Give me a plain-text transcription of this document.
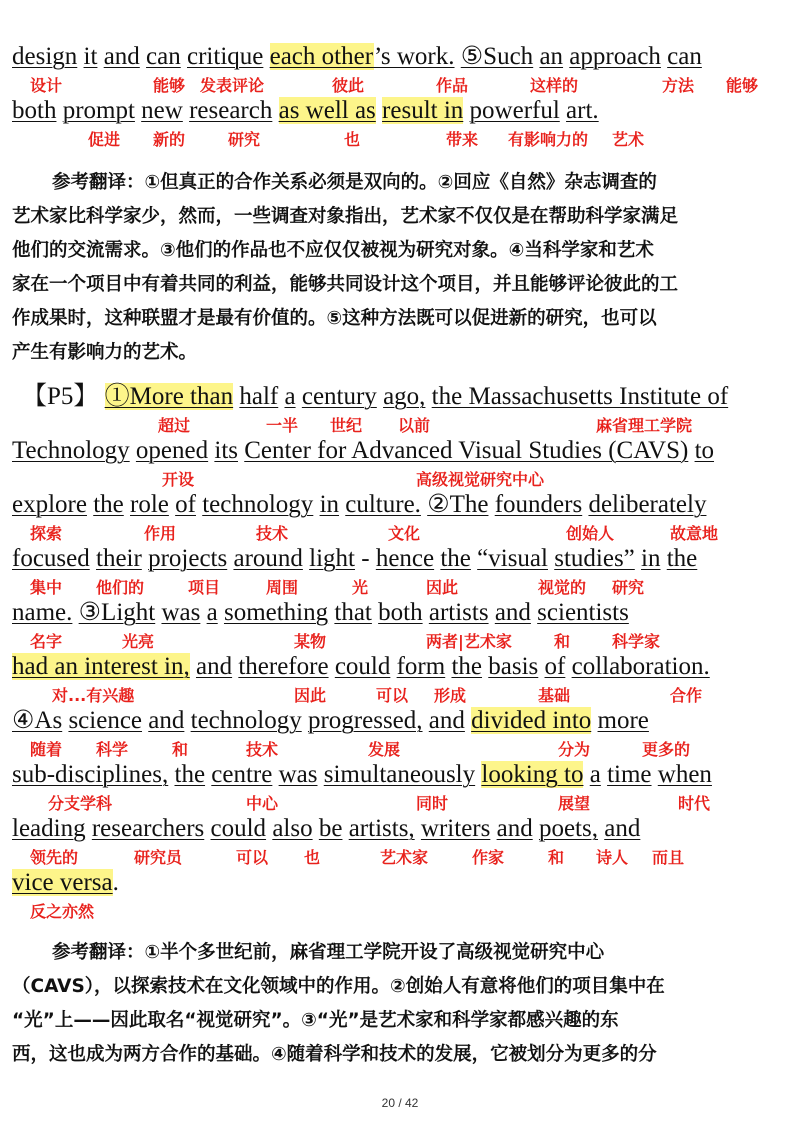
design it and can critique each other’s work. ⑤Such an approach can
设计	能够 发表评论	彼此	作品	这样的	方法 能够
both prompt new research as well as result in powerful art.
促进 新的	研究	也	带来 有影响力的 艺术

参考翻译：①但真正的合作关系必须是双向的。②回应《自然》杂志调查的

艺术家比科学家少，然而，一些调查对象指出，艺术家不仅仅是在帮助科学家满足

他们的交流需求。③他们的作品也不应仅仅被视为研究对象。④当科学家和艺术

家在一个项目中有着共同的利益，能够共同设计这个项目，并且能够评论彼此的工

作成果时，这种联盟才是最有价值的。⑤这种方法既可以促进新的研究，也可以

产生有影响力的艺术。

【P5】 ①More than half a century ago, the Massachusetts Institute of
超过	一半 世纪 以前	麻省理工学院
Technology opened its Center for Advanced Visual Studies (CAVS) to
开设	高级视觉研究中心
explore the role of technology in culture. ②The founders deliberately
探索	作用	技术	文化	创始人	故意地
focused their projects around light - hence the “visual studies” in the
集中 他们的	项目	周围	光	因此	视觉的 研究
name. ③Light was a something that both artists and scientists
名字	光亮	某物	两者|艺术家	和	科学家
had an interest in, and therefore could form the basis of collaboration.
对...有兴趣	因此	可以 形成	基础	合作
④As science and technology progressed, and divided into more
随着 科学	和	技术	发展	分为	更多的
sub-disciplines, the centre was simultaneously looking to a time when
分支学科	中心	同时	展望	时代
leading researchers could also be artists, writers and poets, and
领先的	研究员	可以 也	艺术家	作家	和 诗人 而且
vice versa.
反之亦然

参考翻译：①半个多世纪前，麻省理工学院开设了高级视觉研究中心

（CAVS），以探索技术在文化领域中的作用。②创始人有意将他们的项目集中在

“光”上——因此取名“视觉研究”。③“光”是艺术家和科学家都感兴趣的东

西，这也成为两方合作的基础。④随着科学和技术的发展，它被划分为更多的分

20 / 42
